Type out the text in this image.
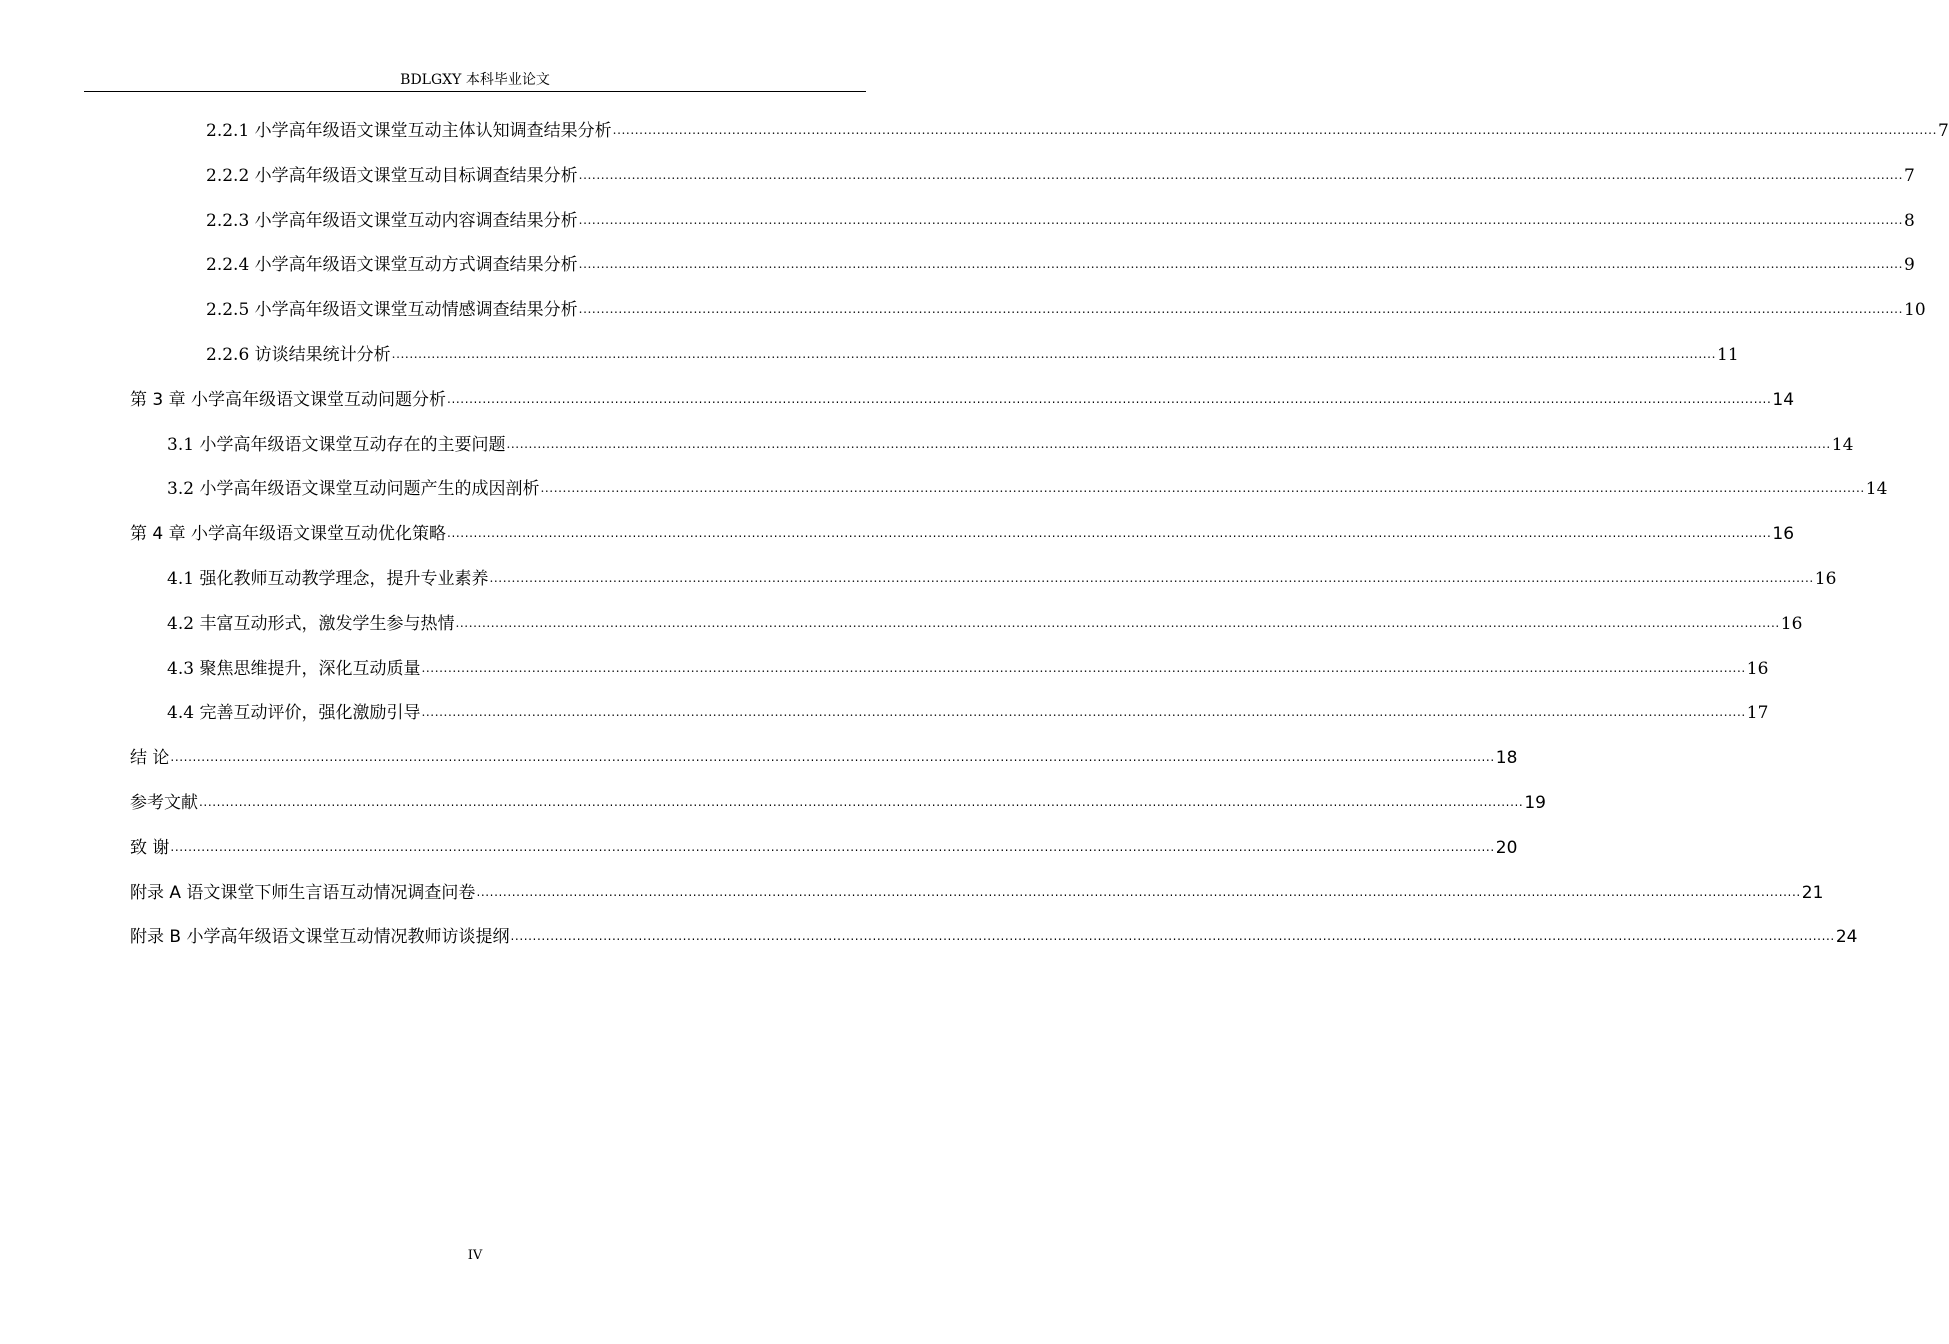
BDLGXY 本科毕业论文
2.2.1 小学高年级语文课堂互动主体认知调查结果分析 ............................................................................................................................................................................................................................................................................................................ 7
2.2.2 小学高年级语文课堂互动目标调查结果分析 ............................................................................................................................................................................................................................................................................................................ 7
2.2.3 小学高年级语文课堂互动内容调查结果分析 ............................................................................................................................................................................................................................................................................................................ 8
2.2.4 小学高年级语文课堂互动方式调查结果分析 ............................................................................................................................................................................................................................................................................................................ 9
2.2.5 小学高年级语文课堂互动情感调查结果分析 ............................................................................................................................................................................................................................................................................................................ 10
2.2.6 访谈结果统计分析 ............................................................................................................................................................................................................................................................................................................ 11
第 3 章 小学高年级语文课堂互动问题分析 ............................................................................................................................................................................................................................................................................................................ 14
3.1 小学高年级语文课堂互动存在的主要问题 ............................................................................................................................................................................................................................................................................................................ 14
3.2 小学高年级语文课堂互动问题产生的成因剖析 ............................................................................................................................................................................................................................................................................................................ 14
第 4 章 小学高年级语文课堂互动优化策略 ............................................................................................................................................................................................................................................................................................................ 16
4.1 强化教师互动教学理念，提升专业素养 ............................................................................................................................................................................................................................................................................................................ 16
4.2 丰富互动形式，激发学生参与热情 ............................................................................................................................................................................................................................................................................................................ 16
4.3 聚焦思维提升，深化互动质量 ............................................................................................................................................................................................................................................................................................................ 16
4.4 完善互动评价，强化激励引导 ............................................................................................................................................................................................................................................................................................................ 17
结 论 ............................................................................................................................................................................................................................................................................................................ 18
参考文献 ............................................................................................................................................................................................................................................................................................................ 19
致 谢 ............................................................................................................................................................................................................................................................................................................ 20
附录 A 语文课堂下师生言语互动情况调查问卷 ............................................................................................................................................................................................................................................................................................................ 21
附录 B 小学高年级语文课堂互动情况教师访谈提纲 ............................................................................................................................................................................................................................................................................................................ 24
IV
